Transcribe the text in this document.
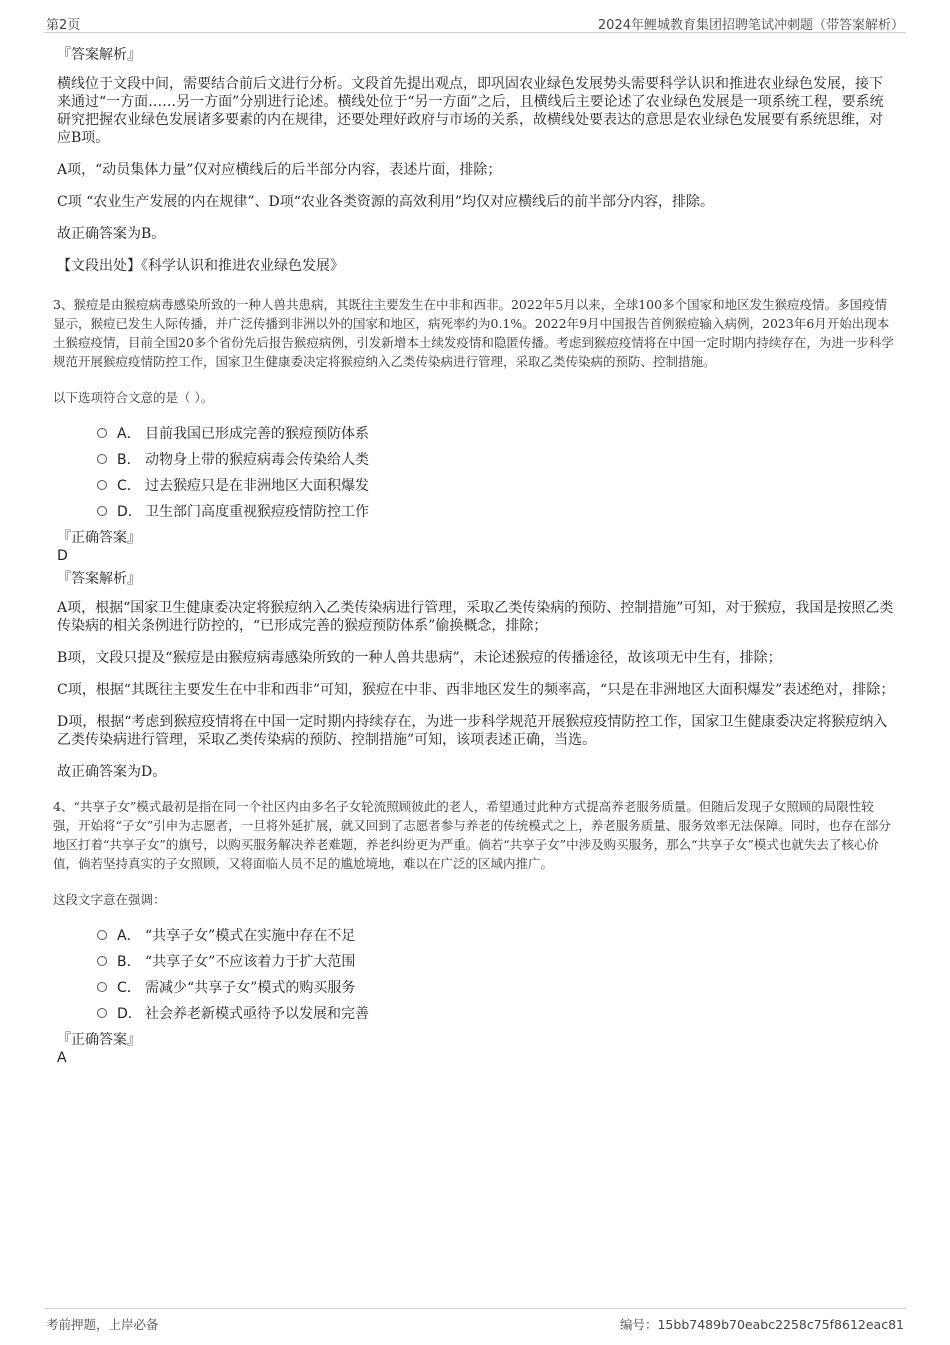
第2页	2024年鲤城教育集团招聘笔试冲刺题（带答案解析）
『答案解析』
横线位于文段中间，需要结合前后文进行分析。文段首先提出观点，即巩固农业绿色发展势头需要科学认识和推进农业绿色发展，接下来通过“一方面……另一方面”分别进行论述。横线处位于“另一方面”之后，且横线后主要论述了农业绿色发展是一项系统工程，要系统研究把握农业绿色发展诸多要素的内在规律，还要处理好政府与市场的关系，故横线处要表达的意思是农业绿色发展要有系统思维，对应B项。
A项，“动员集体力量”仅对应横线后的后半部分内容，表述片面，排除；
C项 “农业生产发展的内在规律”、D项“农业各类资源的高效利用”均仅对应横线后的前半部分内容，排除。
故正确答案为B。
【文段出处】《科学认识和推进农业绿色发展》
3、猴痘是由猴痘病毒感染所致的一种人兽共患病，其既往主要发生在中非和西非。2022年5月以来，全球100多个国家和地区发生猴痘疫情。多国疫情显示，猴痘已发生人际传播，并广泛传播到非洲以外的国家和地区，病死率约为0.1%。2022年9月中国报告首例猴痘输入病例，2023年6月开始出现本土猴痘疫情，目前全国20多个省份先后报告猴痘病例，引发新增本土续发疫情和隐匿传播。考虑到猴痘疫情将在中国一定时期内持续存在，为进一步科学规范开展猴痘疫情防控工作，国家卫生健康委决定将猴痘纳入乙类传染病进行管理，采取乙类传染病的预防、控制措施。
以下选项符合文意的是（ ）。
A． 目前我国已形成完善的猴痘预防体系
B． 动物身上带的猴痘病毒会传染给人类
C． 过去猴痘只是在非洲地区大面积爆发
D． 卫生部门高度重视猴痘疫情防控工作
『正确答案』
D
『答案解析』
A项，根据“国家卫生健康委决定将猴痘纳入乙类传染病进行管理，采取乙类传染病的预防、控制措施”可知，对于猴痘，我国是按照乙类传染病的相关条例进行防控的，“已形成完善的猴痘预防体系”偷换概念，排除；
B项，文段只提及“猴痘是由猴痘病毒感染所致的一种人兽共患病”，未论述猴痘的传播途径，故该项无中生有，排除；
C项，根据“其既往主要发生在中非和西非”可知，猴痘在中非、西非地区发生的频率高，“只是在非洲地区大面积爆发”表述绝对，排除；
D项，根据“考虑到猴痘疫情将在中国一定时期内持续存在，为进一步科学规范开展猴痘疫情防控工作，国家卫生健康委决定将猴痘纳入乙类传染病进行管理，采取乙类传染病的预防、控制措施”可知，该项表述正确，当选。
故正确答案为D。
4、“共享子女”模式最初是指在同一个社区内由多名子女轮流照顾彼此的老人，希望通过此种方式提高养老服务质量。但随后发现子女照顾的局限性较强，开始将“子女”引申为志愿者，一旦将外延扩展，就又回到了志愿者参与养老的传统模式之上，养老服务质量、服务效率无法保障。同时，也存在部分地区打着“共享子女”的旗号，以购买服务解决养老难题，养老纠纷更为严重。倘若“共享子女”中涉及购买服务，那么“共享子女”模式也就失去了核心价值，倘若坚持真实的子女照顾，又将面临人员不足的尴尬境地，难以在广泛的区域内推广。
这段文字意在强调：
A． “共享子女”模式在实施中存在不足
B． “共享子女”不应该着力于扩大范围
C． 需减少“共享子女”模式的购买服务
D． 社会养老新模式亟待予以发展和完善
『正确答案』
A
考前押题，上岸必备	编号：15bb7489b70eabc2258c75f8612eac81
